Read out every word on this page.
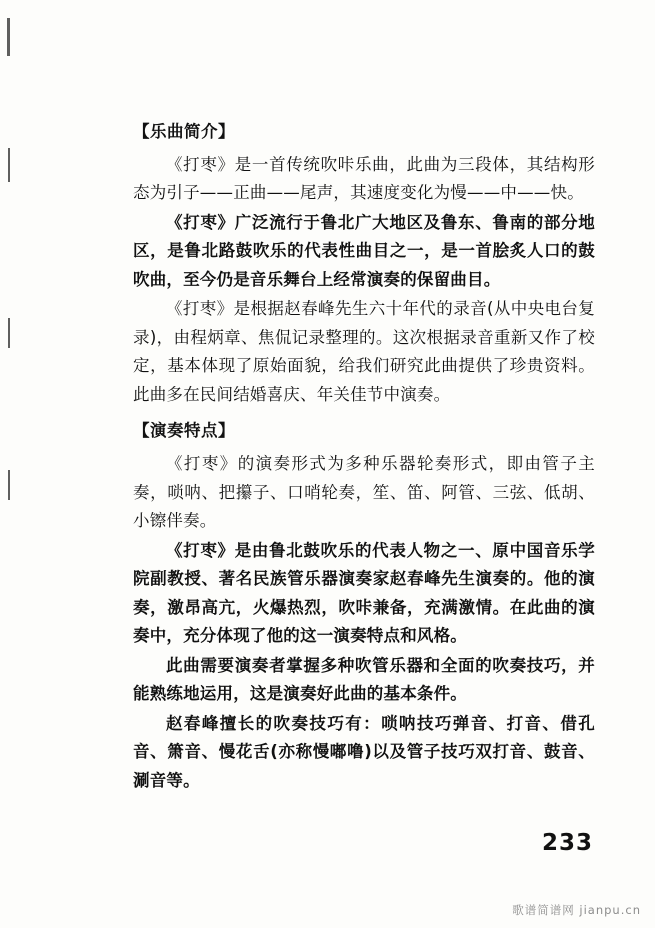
【乐曲简介】

《打枣》是一首传统吹咔乐曲，此曲为三段体，其结构形态为引子——正曲——尾声，其速度变化为慢——中——快。

《打枣》广泛流行于鲁北广大地区及鲁东、鲁南的部分地区，是鲁北路鼓吹乐的代表性曲目之一，是一首脍炙人口的鼓吹曲，至今仍是音乐舞台上经常演奏的保留曲目。

《打枣》是根据赵春峰先生六十年代的录音(从中央电台复录)，由程炳章、焦侃记录整理的。这次根据录音重新又作了校定，基本体现了原始面貌，给我们研究此曲提供了珍贵资料。此曲多在民间结婚喜庆、年关佳节中演奏。

【演奏特点】

《打枣》的演奏形式为多种乐器轮奏形式，即由管子主奏，唢呐、把攥子、口哨轮奏，笙、笛、阿管、三弦、低胡、小镲伴奏。

《打枣》是由鲁北鼓吹乐的代表人物之一、原中国音乐学院副教授、著名民族管乐器演奏家赵春峰先生演奏的。他的演奏，激昂高亢，火爆热烈，吹咔兼备，充满激情。在此曲的演奏中，充分体现了他的这一演奏特点和风格。

此曲需要演奏者掌握多种吹管乐器和全面的吹奏技巧，并能熟练地运用，这是演奏好此曲的基本条件。

赵春峰擅长的吹奏技巧有：唢呐技巧弹音、打音、借孔音、箫音、慢花舌(亦称慢嘟噜)以及管子技巧双打音、鼓音、涮音等。

233
歌谱简谱网 jianpu.cn
